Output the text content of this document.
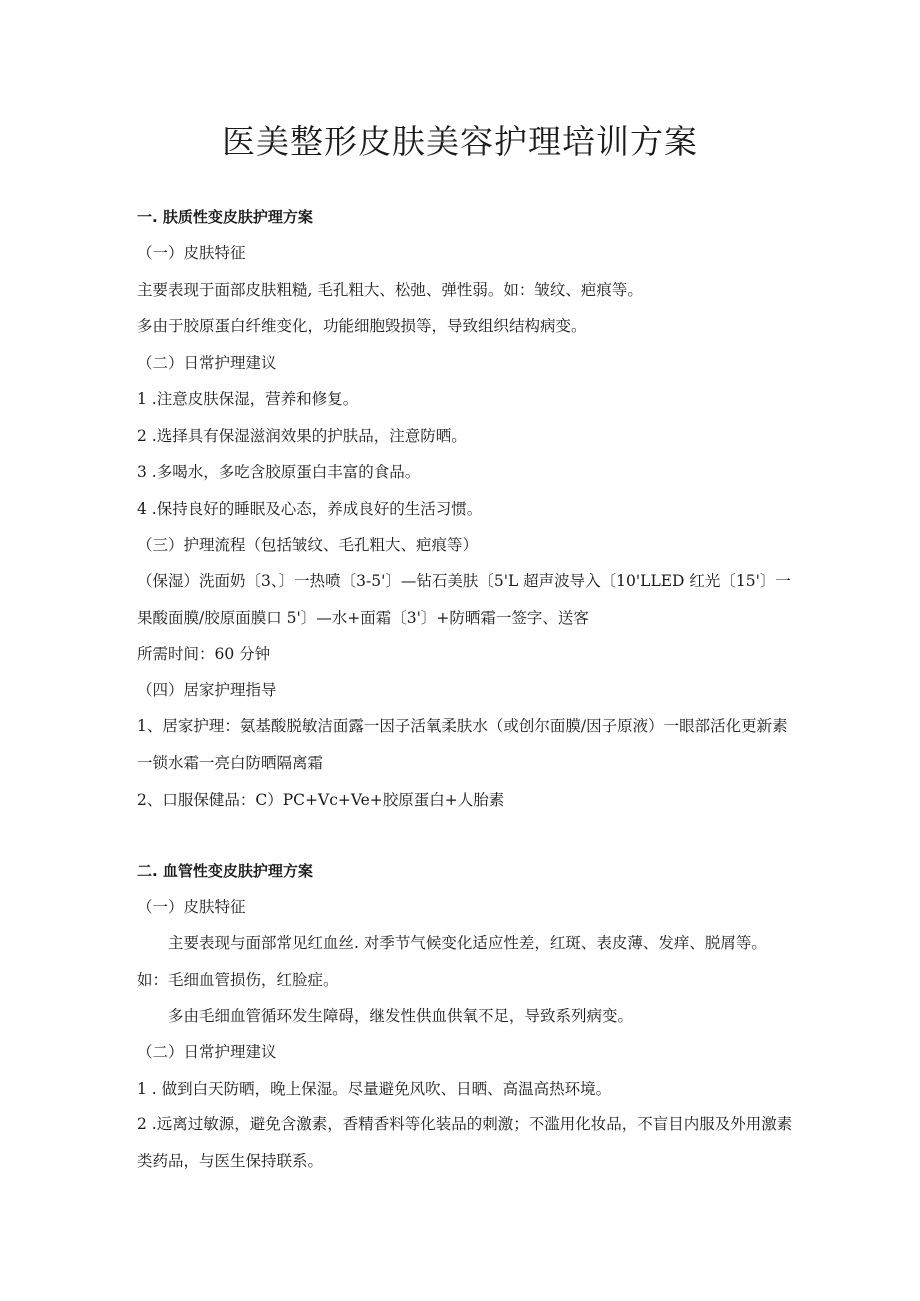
医美整形皮肤美容护理培训方案
一. 肤质性变皮肤护理方案
（一）皮肤特征
主要表现于面部皮肤粗糙, 毛孔粗大、松弛、弹性弱。如：皱纹、疤痕等。
多由于胶原蛋白纤维变化，功能细胞毁损等，导致组织结构病变。
（二）日常护理建议
1 .注意皮肤保湿，营养和修复。
2 .选择具有保湿滋润效果的护肤品，注意防晒。
3 .多喝水，多吃含胶原蛋白丰富的食品。
4 .保持良好的睡眠及心态，养成良好的生活习惯。
（三）护理流程（包括皱纹、毛孔粗大、疤痕等）
（保湿）洗面奶〔3、〕一热喷〔3-5'〕—钻石美肤〔5'L 超声波导入〔10'LLED 红光〔15'〕一果酸面膜/胶原面膜口 5'〕—水+面霜〔3'〕+防晒霜一签字、送客
所需时间：60 分钟
（四）居家护理指导
1、居家护理：氨基酸脱敏洁面露一因子活氧柔肤水（或创尔面膜/因子原液）一眼部活化更新素一锁水霜一亮白防晒隔离霜
2、口服保健品：C）PC+Vc+Ve+胶原蛋白+人胎素
二. 血管性变皮肤护理方案
（一）皮肤特征
主要表现与面部常见红血丝. 对季节气候变化适应性差，红斑、表皮薄、发痒、脱屑等。如：毛细血管损伤，红脸症。
多由毛细血管循环发生障碍，继发性供血供氧不足，导致系列病变。
（二）日常护理建议
1 . 做到白天防晒，晚上保湿。尽量避免风吹、日晒、高温高热环境。
2 .远离过敏源，避免含激素，香精香料等化装品的刺激；不滥用化妆品，不盲目内服及外用激素类药品，与医生保持联系。
